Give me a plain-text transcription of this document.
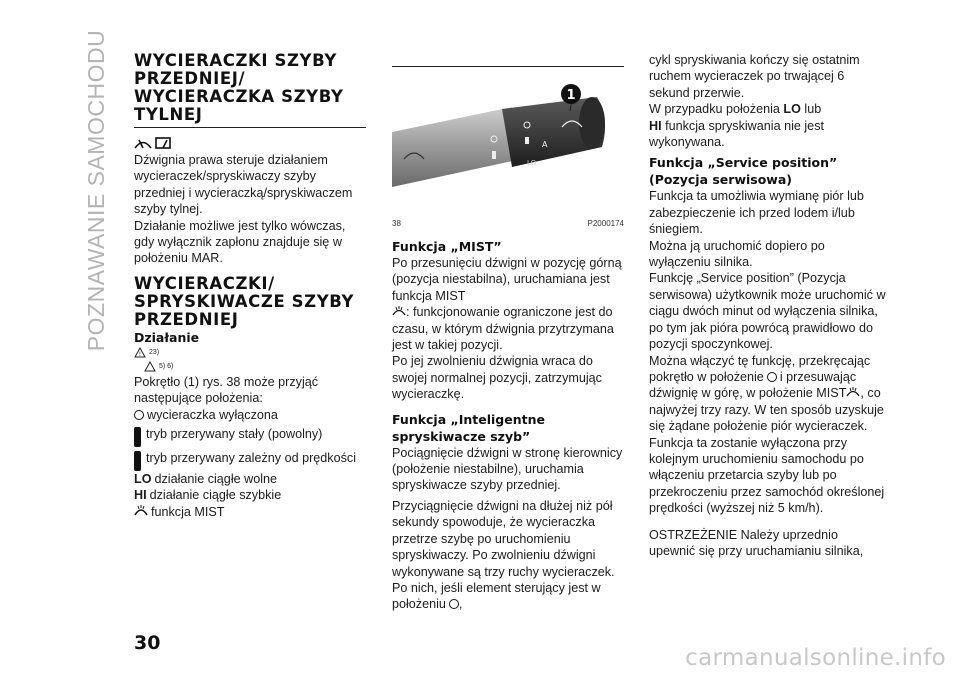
POZNAWANIE SAMOCHODU WYCIERACZKI SZYBY PRZEDNIEJ/ WYCIERACZKA SZYBY TYLNEJ

Dźwignia prawa steruje działaniem wycieraczek/spryskiwaczy szyby przedniej i wycieraczką/spryskiwaczem szyby tylnej.

Działanie możliwe jest tylko wówczas, gdy wyłącznik zapłonu znajduje się w położeniu MAR.

WYCIERACZKI/ SPRYSKIWACZE SZYBY PRZEDNIEJ
Działanie
! 23)
5) 6)

Pokrętło (1) rys. 38 może przyjąć następujące położenia:

wycieraczka wyłączona
tryb przerywany stały (powolny)
tryb przerywany zależny od prędkości
LO działanie ciągłe wolne
HI działanie ciągłe szybkie
funkcja MIST
A
LO
1
38	P2000174
Funkcja „MIST”

Po przesunięciu dźwigni w pozycję górną (pozycja niestabilna), uruchamiana jest funkcja MIST

: funkcjonowanie ograniczone jest do czasu, w którym dźwignia przytrzymana jest w takiej pozycji.

Po jej zwolnieniu dźwignia wraca do swojej normalnej pozycji, zatrzymując wycieraczkę.

Funkcja „Inteligentne spryskiwacze szyb”

Pociągnięcie dźwigni w stronę kierownicy (położenie niestabilne), uruchamia spryskiwacze szyby przedniej.

Przyciągnięcie dźwigni na dłużej niż pół sekundy spowoduje, że wycieraczka przetrze szybę po uruchomieniu spryskiwaczy. Po zwolnieniu dźwigni wykonywane są trzy ruchy wycieraczek. Po nich, jeśli element sterujący jest w położeniu ,

cykl spryskiwania kończy się ostatnim ruchem wycieraczek po trwającej 6 sekund przerwie.

W przypadku położenia LO lub
HI funkcja spryskiwania nie jest wykonywana.

Funkcja „Service position” (Pozycja serwisowa)

Funkcja ta umożliwia wymianę piór lub zabezpieczenie ich przed lodem i/lub śniegiem.

Można ją uruchomić dopiero po wyłączeniu silnika.

Funkcję „Service position” (Pozycja serwisowa) użytkownik może uruchomić w ciągu dwóch minut od wyłączenia silnika, po tym jak pióra powrócą prawidłowo do pozycji spoczynkowej.

Można włączyć tę funkcję, przekręcając pokrętło w położenie i przesuwając dźwignię w górę, w położenie MIST , co najwyżej trzy razy. W ten sposób uzyskuje się żądane położenie piór wycieraczek. Funkcja ta zostanie wyłączona przy kolejnym uruchomieniu samochodu po włączeniu przetarcia szyby lub po przekroczeniu przez samochód określonej prędkości (wyższej niż 5 km/h).

OSTRZEŻENIE Należy uprzednio upewnić się przy uruchamianiu silnika,

30
carmanualsonline.info
